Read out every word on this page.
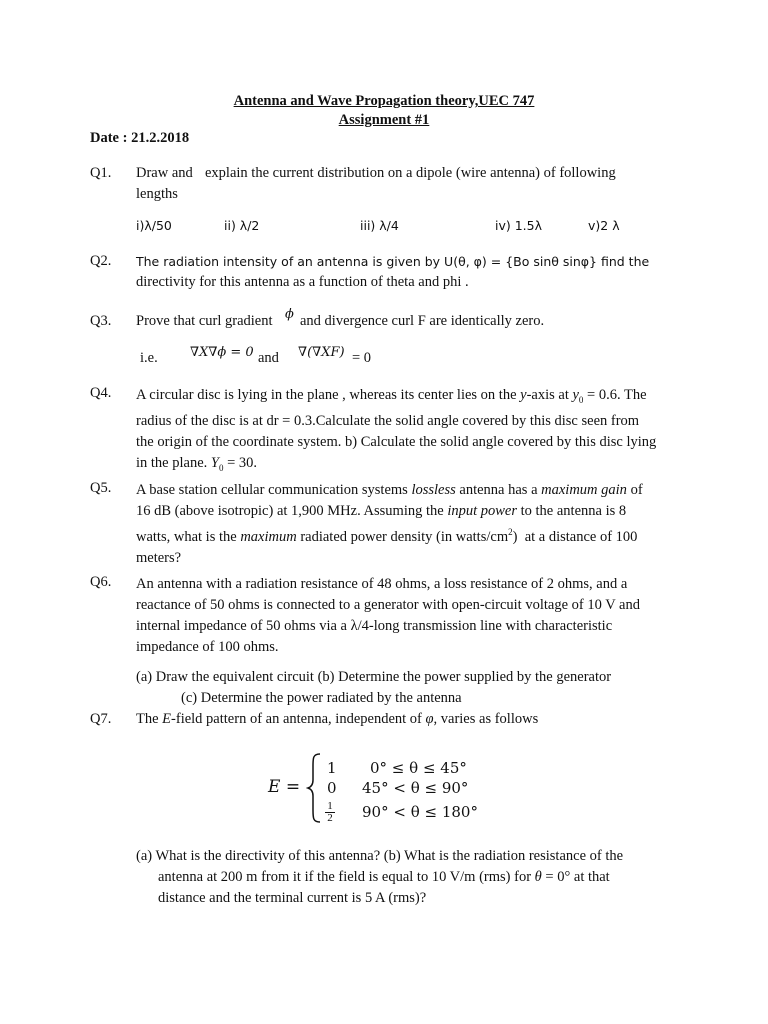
Antenna and Wave Propagation theory,UEC 747
Assignment #1
Date : 21.2.2018
Q1. Draw and explain the current distribution on a dipole (wire antenna) of following
lengths
i)λ/50	ii) λ/2	iii) λ/4	iv) 1.5λ	v)2 λ
Q2. The radiation intensity of an antenna is given by U(θ, φ) = {Bo sinθ sinφ} find the
directivity for this antenna as a function of theta and phi .
Q3. Prove that curl gradient ϕ and divergence curl F are identically zero.
i.e. ∇X∇ϕ = 0 and ∇(∇XF) = 0
Q4. A circular disc is lying in the plane , whereas its center lies on the y-axis at $y_0 = 0.6$. The
radius of the disc is at dr = 0.3.Calculate the solid angle covered by this disc seen from
the origin of the coordinate system. b) Calculate the solid angle covered by this disc lying
in the plane. $Y_0 = 30$.
Q5. A base station cellular communication systems lossless antenna has a maximum gain of
16 dB (above isotropic) at 1,900 MHz. Assuming the input power to the antenna is 8
watts, what is the maximum radiated power density (in watts/$cm^2$)  at a distance of 100
meters?
Q6. An antenna with a radiation resistance of 48 ohms, a loss resistance of 2 ohms, and a
reactance of 50 ohms is connected to a generator with open-circuit voltage of 10 V and
internal impedance of 50 ohms via a λ/4-long transmission line with characteristic
impedance of 100 ohms.
(a) Draw the equivalent circuit (b) Determine the power supplied by the generator
(c) Determine the power radiated by the antenna
Q7. The E-field pattern of an antenna, independent of φ, varies as follows
E =
1 0° ≤ θ ≤ 45°
0 45° < θ ≤ 90°
$\frac{1}{2} 90^\circ < \theta \le 180^\circ$
(a) What is the directivity of this antenna? (b) What is the radiation resistance of the
antenna at 200 m from it if the field is equal to 10 V/m (rms) for θ = 0° at that
distance and the terminal current is 5 A (rms)?
